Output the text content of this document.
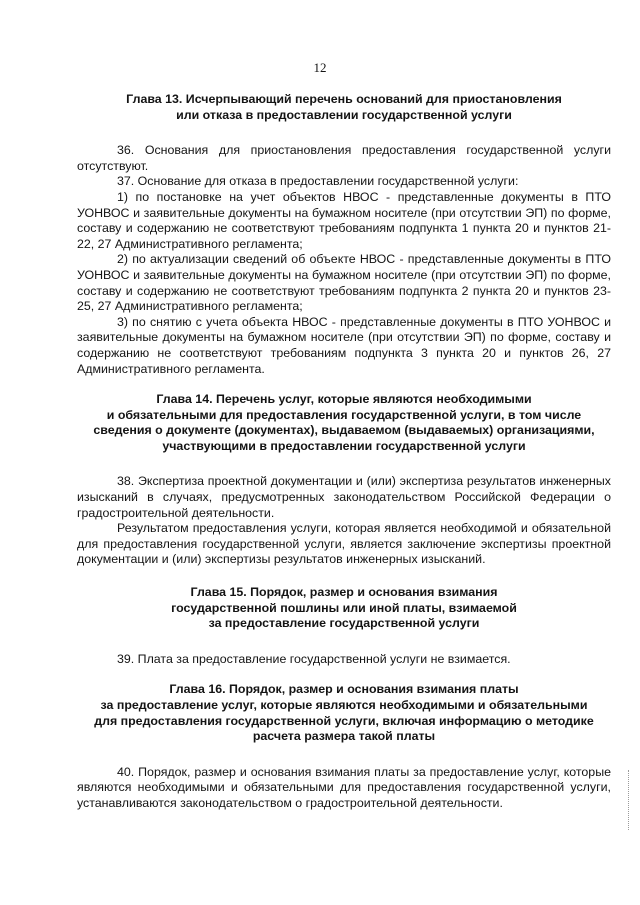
12
Глава 13. Исчерпывающий перечень оснований для приостановления
или отказа в предоставлении государственной услуги

36. Основания для приостановления предоставления государственной услуги отсутствуют.

37. Основание для отказа в предоставлении государственной услуги:

1) по постановке на учет объектов НВОС - представленные документы в ПТО УОНВОС и заявительные документы на бумажном носителе (при отсутствии ЭП) по форме, составу и содержанию не соответствуют требованиям подпункта 1 пункта 20 и пунктов 21-22, 27 Административного регламента;

2) по актуализации сведений об объекте НВОС - представленные документы в ПТО УОНВОС и заявительные документы на бумажном носителе (при отсутствии ЭП) по форме, составу и содержанию не соответствуют требованиям подпункта 2 пункта 20 и пунктов 23-25, 27 Административного регламента;

3) по снятию с учета объекта НВОС - представленные документы в ПТО УОНВОС и заявительные документы на бумажном носителе (при отсутствии ЭП) по форме, составу и содержанию не соответствуют требованиям подпункта 3 пункта 20 и пунктов 26, 27 Административного регламента.

Глава 14. Перечень услуг, которые являются необходимыми
и обязательными для предоставления государственной услуги, в том числе
сведения о документе (документах), выдаваемом (выдаваемых) организациями,
участвующими в предоставлении государственной услуги

38. Экспертиза проектной документации и (или) экспертиза результатов инженерных изысканий в случаях, предусмотренных законодательством Российской Федерации о градостроительной деятельности.

Результатом предоставления услуги, которая является необходимой и обязательной для предоставления государственной услуги, является заключение экспертизы проектной документации и (или) экспертизы результатов инженерных изысканий.

Глава 15. Порядок, размер и основания взимания
государственной пошлины или иной платы, взимаемой
за предоставление государственной услуги

39. Плата за предоставление государственной услуги не взимается.

Глава 16. Порядок, размер и основания взимания платы
за предоставление услуг, которые являются необходимыми и обязательными
для предоставления государственной услуги, включая информацию о методике
расчета размера такой платы

40. Порядок, размер и основания взимания платы за предоставление услуг, которые являются необходимыми и обязательными для предоставления государственной услуги, устанавливаются законодательством о градостроительной деятельности.
